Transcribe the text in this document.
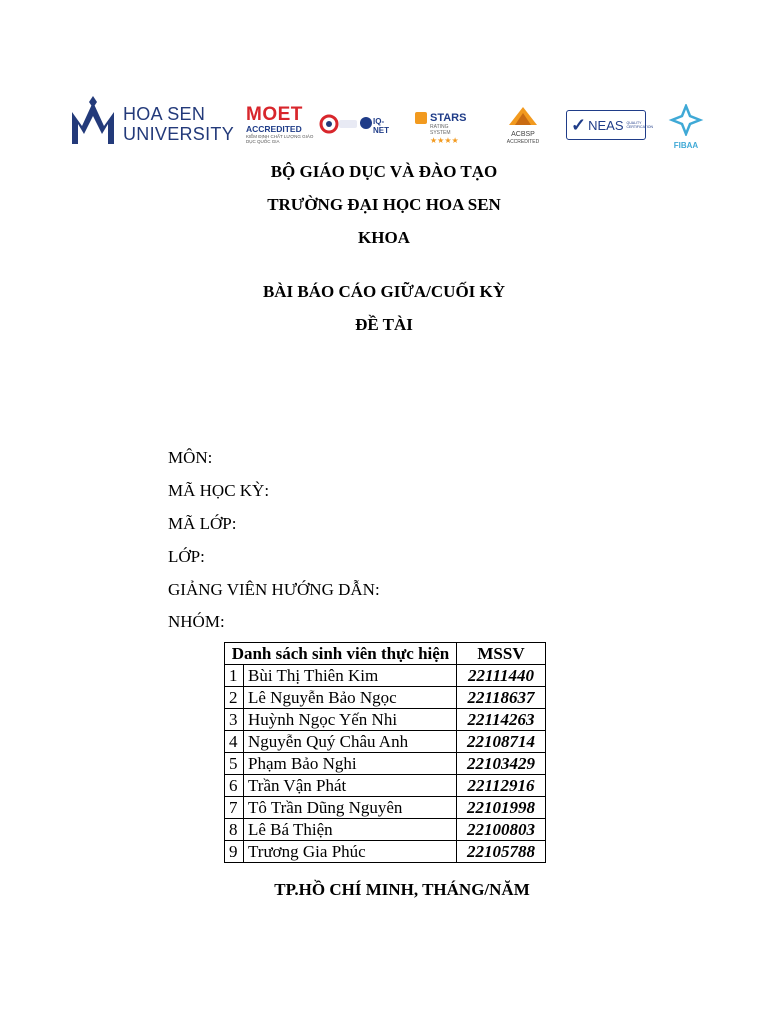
HOA SEN
UNIVERSITY
MOET
ACCREDITED
KIỂM ĐỊNH CHẤT LƯỢNG GIÁO DỤC QUỐC GIA
IQ-NET
STARS
RATING SYSTEM
★★★★
ACBSP
ACCREDITED
✓ NEAS QUALITY CERTIFICATION
FIBAA
BỘ GIÁO DỤC VÀ ĐÀO TẠO
TRƯỜNG ĐẠI HỌC HOA SEN
KHOA
BÀI BÁO CÁO GIỮA/CUỐI KỲ
ĐỀ TÀI
MÔN:
MÃ HỌC KỲ:
MÃ LỚP:
LỚP:
GIẢNG VIÊN HƯỚNG DẪN:
NHÓM:
Danh sách sinh viên thực hiện		MSSV
1	Bùi Thị Thiên Kim	22111440
2	Lê Nguyễn Bảo Ngọc	22118637
3	Huỳnh Ngọc Yến Nhi	22114263
4	Nguyễn Quý Châu Anh	22108714
5	Phạm Bảo Nghi	22103429
6	Trần Vận Phát	22112916
7	Tô Trần Dũng Nguyên	22101998
8	Lê Bá Thiện	22100803
9	Trương Gia Phúc	22105788
TP.HỒ CHÍ MINH, THÁNG/NĂM
